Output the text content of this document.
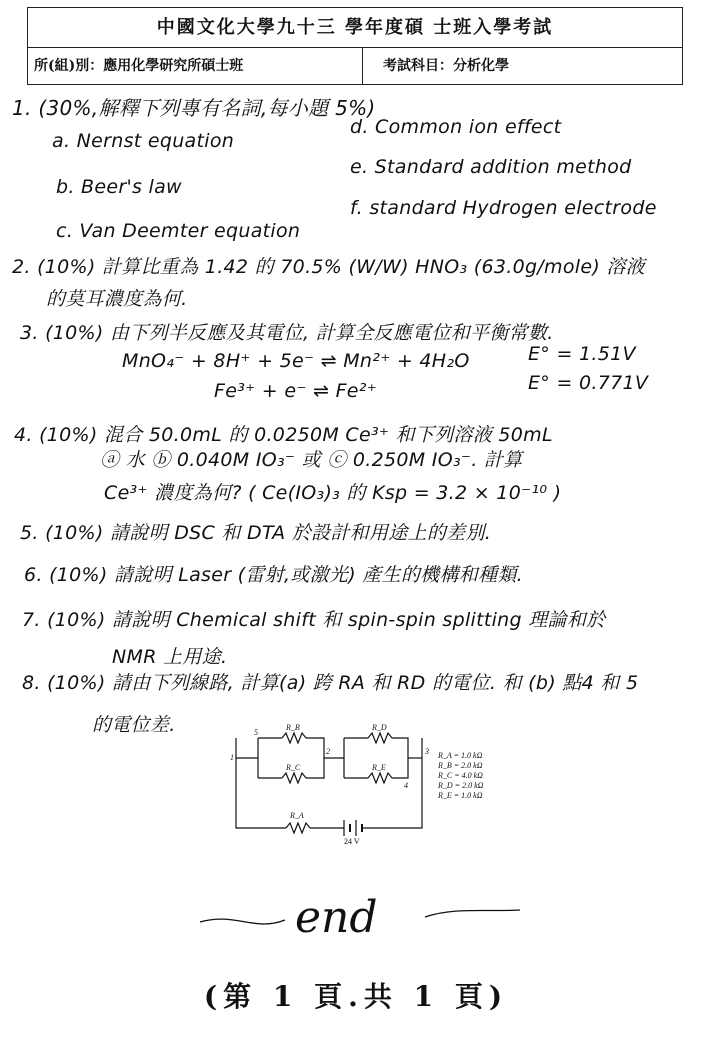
中國文化大學九十三 學年度碩 士班入學考試
所(組)別：應用化學研究所碩士班	考試科目：分析化學
1. (30%,解釋下列專有名詞,每小題 5%)
a. Nernst equation
d. Common ion effect
e. Standard addition method
b. Beer's law
c. Van Deemter equation
f. standard Hydrogen electrode
2. (10%) 計算比重為 1.42 的 70.5% (W/W) HNO₃ (63.0g/mole) 溶液
的莫耳濃度為何.
3. (10%) 由下列半反應及其電位, 計算全反應電位和平衡常數.
MnO₄⁻ + 8H⁺ + 5e⁻ ⇌ Mn²⁺ + 4H₂O	E° = 1.51V
Fe³⁺ + e⁻ ⇌ Fe²⁺	E° = 0.771V
4. (10%) 混合 50.0mL 的 0.0250M Ce³⁺ 和下列溶液 50mL
ⓐ 水 ⓑ 0.040M IO₃⁻ 或 ⓒ 0.250M IO₃⁻. 計算
Ce³⁺ 濃度為何? ( Ce(IO₃)₃ 的 Ksp = 3.2 × 10⁻¹⁰ )
5. (10%) 請說明 DSC 和 DTA 於設計和用途上的差別.
6. (10%) 請說明 Laser (雷射,或激光) 產生的機構和種類.
7. (10%) 請說明 Chemical shift 和 spin-spin splitting 理論和於
NMR 上用途.
8. (10%) 請由下列線路, 計算(a) 跨 RA 和 RD 的電位. 和 (b) 點4 和 5
的電位差.
1
5
2	3
4
R_B
R_C
R_D
R_E
R_A
24 V
R_A = 1.0 kΩ
R_B = 2.0 kΩ
R_C = 4.0 kΩ
R_D = 2.0 kΩ
R_E = 1.0 kΩ
end
(第 1 頁.共 1 頁)
